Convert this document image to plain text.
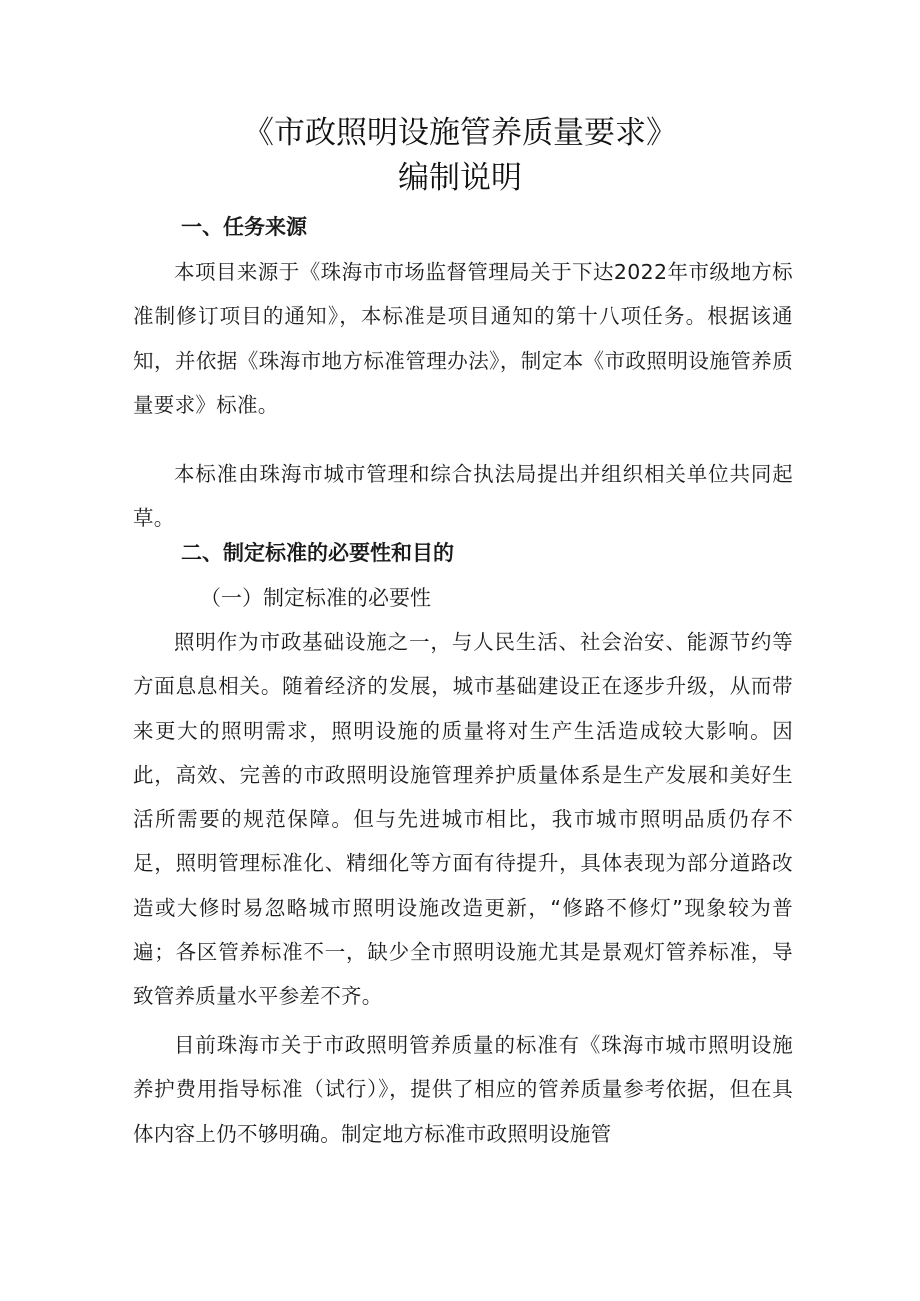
《市政照明设施管养质量要求》
编制说明
一、任务来源
本项目来源于《珠海市市场监督管理局关于下达2022年市级地方标准制修订项目的通知》，本标准是项目通知的第十八项任务。根据该通知，并依据《珠海市地方标准管理办法》，制定本《市政照明设施管养质量要求》标准。
本标准由珠海市城市管理和综合执法局提出并组织相关单位共同起草。
二、制定标准的必要性和目的
（一）制定标准的必要性
照明作为市政基础设施之一，与人民生活、社会治安、能源节约等方面息息相关。随着经济的发展，城市基础建设正在逐步升级，从而带来更大的照明需求，照明设施的质量将对生产生活造成较大影响。因此，高效、完善的市政照明设施管理养护质量体系是生产发展和美好生活所需要的规范保障。但与先进城市相比，我市城市照明品质仍存不足，照明管理标准化、精细化等方面有待提升，具体表现为部分道路改造或大修时易忽略城市照明设施改造更新，“修路不修灯”现象较为普遍；各区管养标准不一，缺少全市照明设施尤其是景观灯管养标准，导致管养质量水平参差不齐。
目前珠海市关于市政照明管养质量的标准有《珠海市城市照明设施养护费用指导标准（试行）》，提供了相应的管养质量参考依据，但在具体内容上仍不够明确。制定地方标准市政照明设施管
